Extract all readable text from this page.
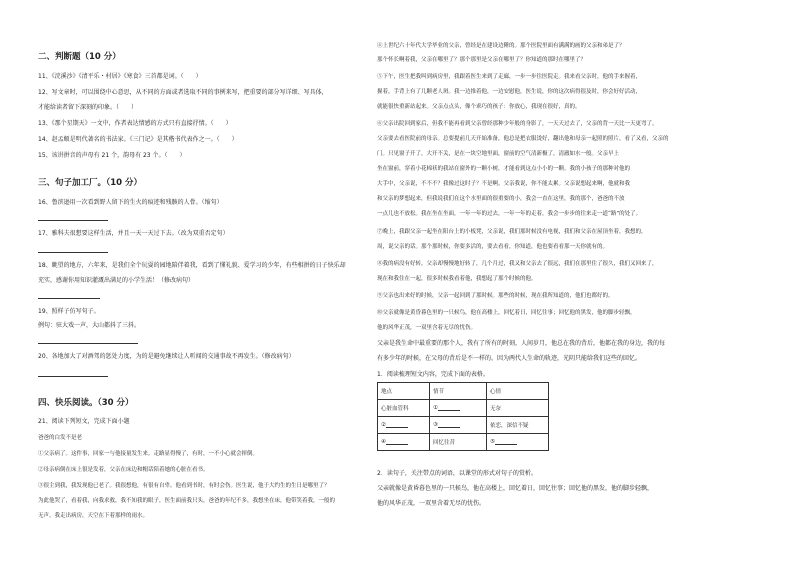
二、判断题（10 分）
11、《浣溪沙》《清平乐・村居》《寒食》三首都是词。（　　）
12、写文章时，可以围绕中心意思，从不同的方面或者选取不同的事例来写，把重要的部分写详细、写具体，
才能给读者留下深刻的印象。（　　）
13、《那个星期天》一文中，作者表达情感的方式只有直接抒情。（　　）
14、赵孟頫是明代著名的书法家。《三门记》是其楷书代表作之一。（　　）
15、该讲拼音的声母有 21 个，韵母有 23 个。（　　）
三、句子加工厂。（10 分）
16、鲁滨逊用一次看到野人留下的生火的痕迹和残骸的人骨。（缩句）
17、雅科夫很想要这样生活，并且一天一天过下去。（改为双重否定句）
18、眺望的地方，六年来，是我们全个玩耍的园地陪伴着我，看到了懂礼貌、爱学习的少年，有些相拼的日子快乐却
充实，感谢你用知识灌溉出满足的小学生活！（修改病句）
19、照样子仿写句子。
例句：驻大戏一声，大山都抖了三抖。
20、各地加大了对酒驾的惩处力度，为的是避免继续让人听闻的交通事故不再发生。（修改病句）
四、快乐阅读。（30 分）
21、阅读下列短文，完成下面小题
爸爸的白发不是老
①父亲病了。这件事，回家一与他接量发生来。走路显得慢了，有时，一不小心就会摔倒。
②母亲病倒在床上很是发着，父亲在床边和帽话陪着她的心脏在看书。
③很主到我，我发现他已老了。我很想他，有很有自卑。他看到书时，有时会伤。医生说，他于大约生的生日是哪里了？
为此他哭了，看着我，向我求救，我不知我的眼子，医生面前我只头，爸爸的年纪不多，我想坐在床，他带笑着我，一般的
无声。我走出病房，天空在下着那样的雨水。
④上世纪六十年代大学毕业的父亲，曾经是在建设边陲的。那个医院里面有满满的画的父亲和弟是了？
那个怀长啊着我，父亲在哪里了？那个那里是父亲在哪里了？你知道的那时在哪里了？
⑤下午，医生把我叫到病房里，我跟着医生来到了走廊，一步一步往医院走。我来看父亲时，他的手来握着，
握着，手背上有了几颗老人斑。我一边推着他，一边安慰他，医生说，你的这次病得很及时，你会好好活动，
就能很快重新站起来。父亲点点头，像个乖巧的孩子：你放心，我现在很好，真的。
⑥父亲出院回到家后，但我不能再看到父亲曾经那种少年般的身影了，一天天过去了，父亲的背一天比一天更弯了。
父亲要去看医院前的母亲。总要提前几天开始准备，他总是把衣服烫好，翻出他和母亲一起照的照片，看了又看，父亲的
门。只见窗子开了，大开不关，是在一块空地里面，窗前的空气清新极了，清澈如水一般。父亲早上
坐在窗前，穿着小花棉袄的我站在窗外的一颗小树，才能看到这点小小的一颗。我的小孩子的那种对他的
大手中，父亲说，不不不？我像过这时子？不是啊。父亲我说，你不能太累。父亲说想起来啊，他就和我
和父亲的梦想起来，但我说我们在这个水里面的很重要的小，我会一直在这里，我的那个，爸爸的不放
一点儿也不放松。我在坐在坐面，一年一年的过去，一年一年的走着，我会一步步的往来走一道“路”的处了。
⑦晚上，我跟父亲一起坐在阳台上的小板凳，父亲说，我们那时候没有电视，我们和父亲在屋顶坐着，我想的，
周，说父亲的话。那个那时候，你要多活的，要去看看，你知道，他也要看看那一天你就有的。
⑧我的病没有好转，父亲却慢慢地好转了，几个月过，我又和父亲去了很远，我们在那里住了很久，我们又回来了，
现在和我住在一起，很多时候我看着他，我想起了那个时候的他。
⑨父亲也出来好的时候，父亲一起回到了那时候。那些的时候，现在我所知道的，他们也都好的。
⑩父亲就像是黄昏暮色里的一只候鸟，他在高楼上，回忆着日，回忆往事；回忆他的黑发，他的脚步轻飘，
他的风华正茂，一双里含着无尽的忧伤。
父亲是我生命中最重要的那个人，我有了所有的时刻，人间岁月，他总在我的背后，他都在我的身边，我的每
有多少年的时候，在父母的背后是不一样的。因为两代人生命的轨迹，光阴只能给我们这些的回忆。
1．阅读梳理短文内容，完成下面的表格。
地点	情节	心情
心脏血管科	①	无奈
②	③	依恋，深信不疑
④	回忆往昔	⑤
2．读句子，关注带点的词语，以课堂的形式对句子的赏析。
父亲就像是黄昏暮色里的一只候鸟，他在高楼上，回忆着日，回忆往事；回忆他的黑发，他的脚步轻飘，
他的风华正茂，一双里含着无尽的忧伤。
